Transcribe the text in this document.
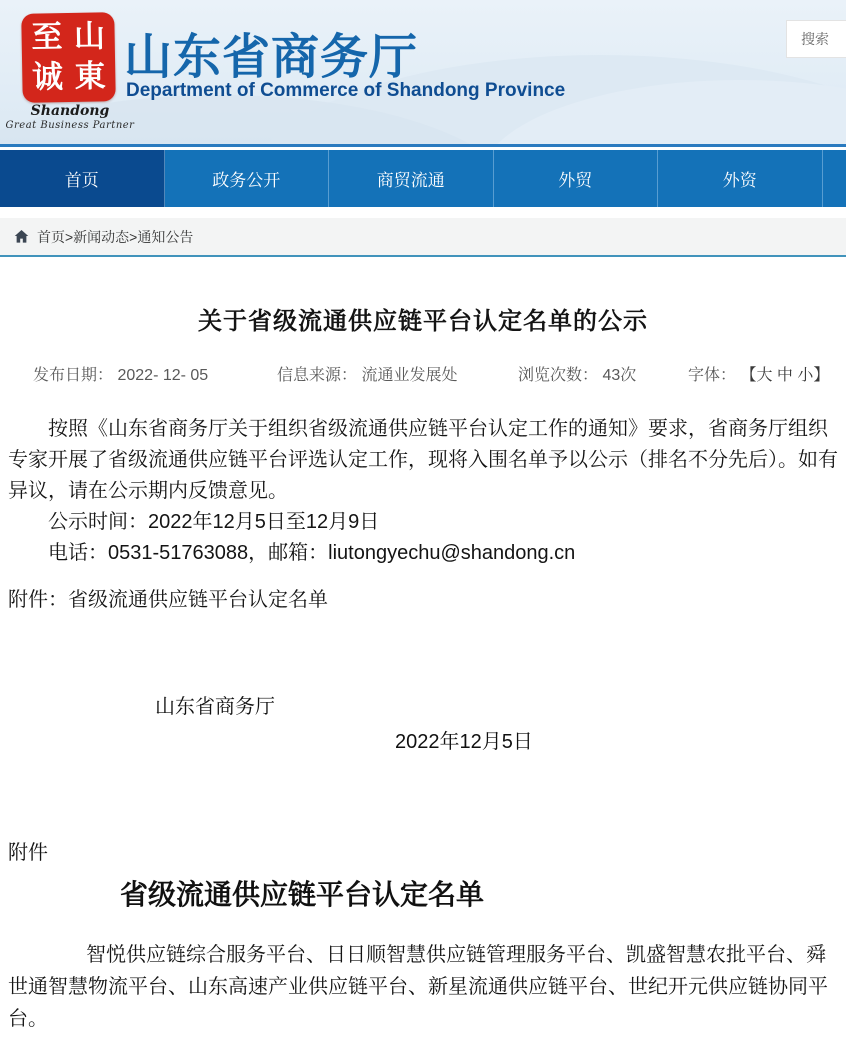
至 山
诚 東
Shandong
Great Business Partner
山东省商务厅
Department of Commerce of Shandong Province
搜索
首页	政务公开	商贸流通	外贸	外资
首页>新闻动态>通知公告
关于省级流通供应链平台认定名单的公示
发布日期： 2022- 12- 05	信息来源： 流通业发展处	浏览次数： 43次	字体： 【大 中 小】
按照《山东省商务厅关于组织省级流通供应链平台认定工作的通知》要求，省商务厅组织专家开展了省级流通供应链平台评选认定工作，现将入围名单予以公示（排名不分先后）。如有异议，请在公示期内反馈意见。
公示时间：2022年12月5日至12月9日
电话：0531-51763088，邮箱：liutongyechu@shandong.cn
附件：省级流通供应链平台认定名单
山东省商务厅
2022年12月5日
附件
省级流通供应链平台认定名单
智悦供应链综合服务平台、日日顺智慧供应链管理服务平台、凯盛智慧农批平台、舜世通智慧物流平台、山东高速产业供应链平台、新星流通供应链平台、世纪开元供应链协同平台。
